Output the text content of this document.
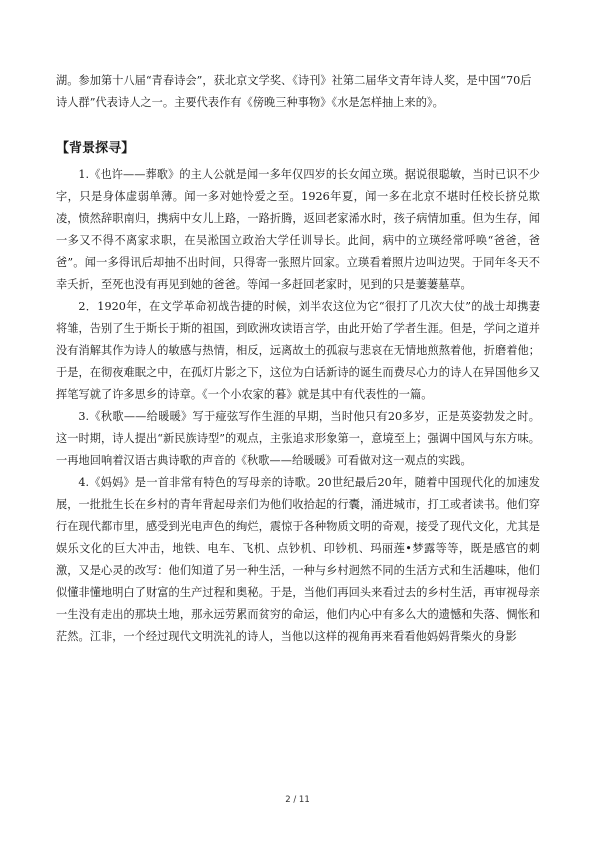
湖。参加第十八届“青春诗会”，获北京文学奖、《诗刊》社第二届华文青年诗人奖，是中国“70后诗人群”代表诗人之一。主要代表作有《傍晚三种事物》《水是怎样抽上来的》。

【背景探寻】

1.《也许——葬歌》的主人公就是闻一多年仅四岁的长女闻立瑛。据说很聪敏，当时已识不少字，只是身体虚弱单薄。闻一多对她怜爱之至。1926年夏，闻一多在北京不堪时任校长挤兑欺凌，愤然辞职南归，携病中女儿上路，一路折腾，返回老家浠水时，孩子病情加重。但为生存，闻一多又不得不离家求职，在吴淞国立政治大学任训导长。此间，病中的立瑛经常呼唤“爸爸，爸爸”。闻一多得讯后却抽不出时间，只得寄一张照片回家。立瑛看着照片边叫边哭。于同年冬天不幸夭折，至死也没有再见到她的爸爸。等闻一多赶回老家时，见到的只是萋萋墓草。

2．1920年，在文学革命初战告捷的时候，刘半农这位为它“很打了几次大仗”的战士却携妻将雏，告别了生于斯长于斯的祖国，到欧洲攻读语言学，由此开始了学者生涯。但是，学问之道并没有消解其作为诗人的敏感与热情，相反，远离故土的孤寂与悲哀在无情地煎熬着他，折磨着他；于是，在彻夜难眠之中，在孤灯片影之下，这位为白话新诗的诞生而费尽心力的诗人在异国他乡又挥笔写就了许多思乡的诗章。《一个小农家的暮》就是其中有代表性的一篇。

3.《秋歌——给暖暖》写于痖弦写作生涯的早期，当时他只有20多岁，正是英姿勃发之时。这一时期，诗人提出“新民族诗型”的观点，主张追求形象第一，意境至上；强调中国风与东方味。一再地回响着汉语古典诗歌的声音的《秋歌——给暖暖》可看做对这一观点的实践。

4.《妈妈》是一首非常有特色的写母亲的诗歌。20世纪最后20年，随着中国现代化的加速发展，一批批生长在乡村的青年背起母亲们为他们收拾起的行囊，涌进城市，打工或者读书。他们穿行在现代都市里，感受到光电声色的绚烂，震惊于各种物质文明的奇观，接受了现代文化，尤其是娱乐文化的巨大冲击，地铁、电车、飞机、点钞机、印钞机、玛丽莲•梦露等等，既是感官的刺激，又是心灵的改写：他们知道了另一种生活，一种与乡村迥然不同的生活方式和生活趣味，他们似懂非懂地明白了财富的生产过程和奥秘。于是，当他们再回头来看过去的乡村生活，再审视母亲一生没有走出的那块土地，那永远劳累而贫穷的命运，他们内心中有多么大的遗憾和失落、惆怅和茫然。江非，一个经过现代文明洗礼的诗人，当他以这样的视角再来看看他妈妈背柴火的身影

2 / 11
